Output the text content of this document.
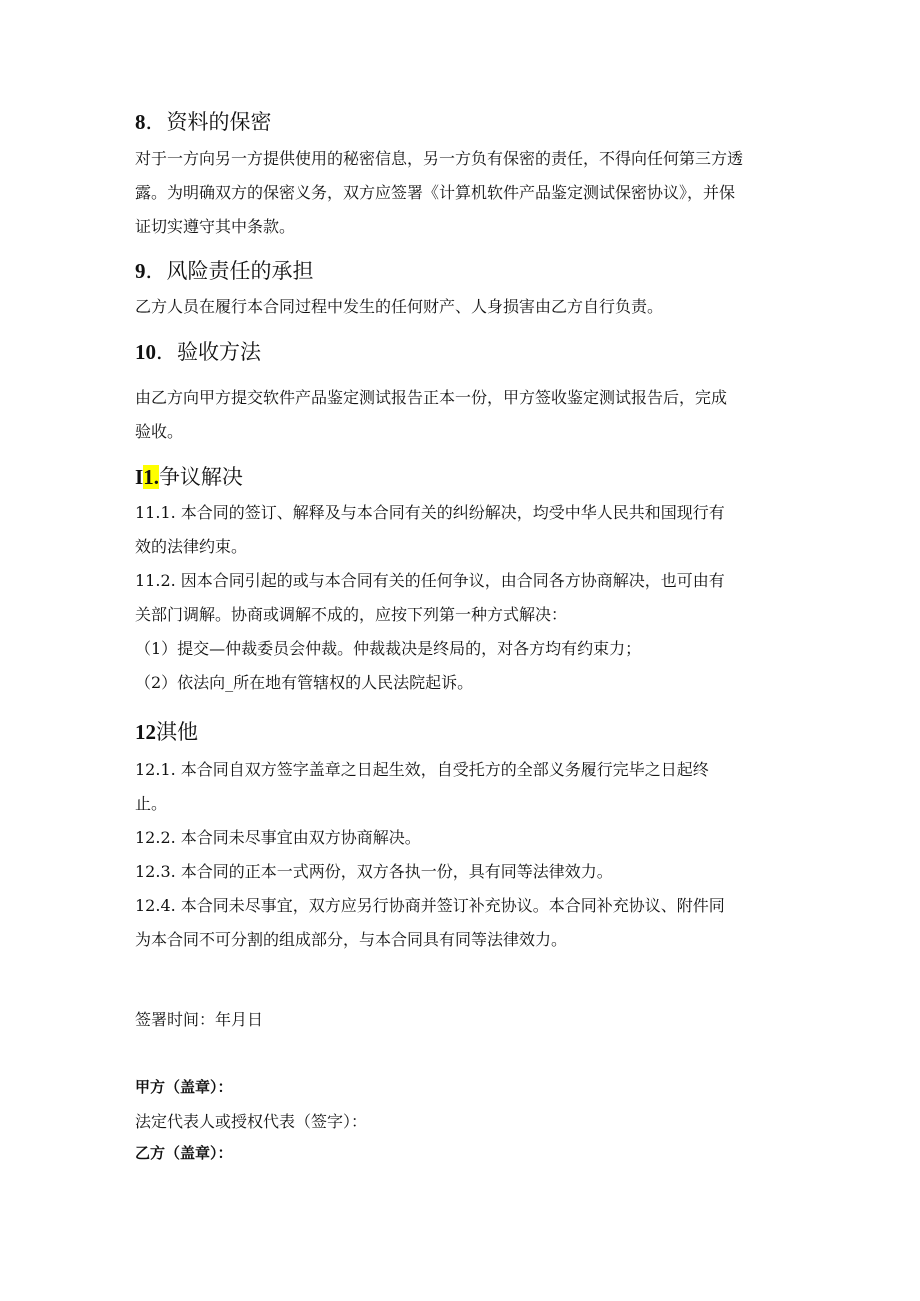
8．资料的保密
对于一方向另一方提供使用的秘密信息，另一方负有保密的责任，不得向任何第三方透
露。为明确双方的保密义务，双方应签署《计算机软件产品鉴定测试保密协议》，并保
证切实遵守其中条款。
9．风险责任的承担
乙方人员在履行本合同过程中发生的任何财产、人身损害由乙方自行负责。
10．验收方法
由乙方向甲方提交软件产品鉴定测试报告正本一份，甲方签收鉴定测试报告后，完成
验收。
I1.争议解决
11.1. 本合同的签订、解释及与本合同有关的纠纷解决，均受中华人民共和国现行有
效的法律约束。
11.2. 因本合同引起的或与本合同有关的任何争议，由合同各方协商解决，也可由有
关部门调解。协商或调解不成的，应按下列第一种方式解决：
（1）提交—仲裁委员会仲裁。仲裁裁决是终局的，对各方均有约束力；
（2）依法向_所在地有管辖权的人民法院起诉。
12淇他
12.1. 本合同自双方签字盖章之日起生效，自受托方的全部义务履行完毕之日起终
止。
12.2. 本合同未尽事宜由双方协商解决。
12.3. 本合同的正本一式两份，双方各执一份，具有同等法律效力。
12.4. 本合同未尽事宜，双方应另行协商并签订补充协议。本合同补充协议、附件同
为本合同不可分割的组成部分，与本合同具有同等法律效力。
签署时间：年月日
甲方（盖章）：
法定代表人或授权代表（签字）：
乙方（盖章）：
